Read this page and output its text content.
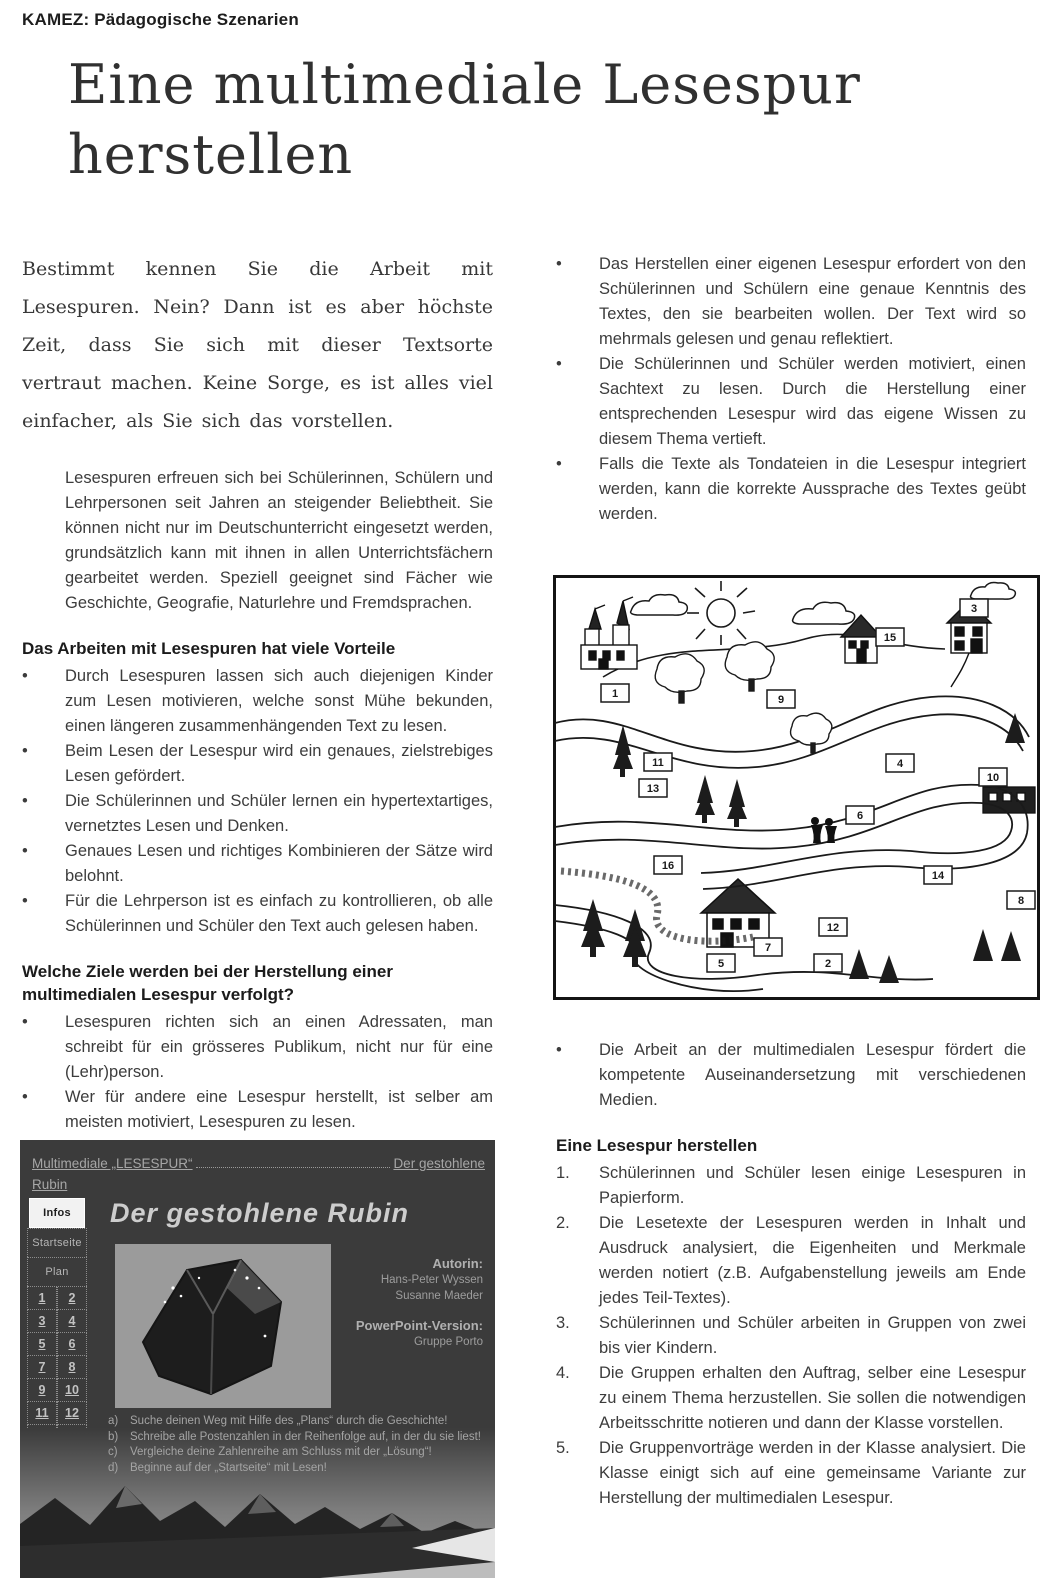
KAMEZ: Pädagogische Szenarien
Eine multimediale Lesespur
herstellen
Bestimmt kennen Sie die Arbeit mit Lesespuren. Nein? Dann ist es aber höchste Zeit, dass Sie sich mit dieser Textsorte vertraut machen. Keine Sorge, es ist alles viel einfacher, als Sie sich das vorstellen.
Lesespuren erfreuen sich bei Schülerinnen, Schülern und Lehrpersonen seit Jahren an steigender Beliebtheit. Sie können nicht nur im Deutschunterricht eingesetzt werden, grundsätzlich kann mit ihnen in allen Unterrichtsfächern gearbeitet werden. Speziell geeignet sind Fächer wie Geschichte, Geografie, Naturlehre und Fremdsprachen.
Das Arbeiten mit Lesespuren hat viele Vorteile
•	Durch Lesespuren lassen sich auch diejenigen Kinder zum Lesen motivieren, welche sonst Mühe bekunden, einen längeren zusammenhängenden Text zu lesen.
•	Beim Lesen der Lesespur wird ein genaues, zielstrebiges Lesen gefördert.
•	Die Schülerinnen und Schüler lernen ein hypertextartiges, vernetztes Lesen und Denken.
•	Genaues Lesen und richtiges Kombinieren der Sätze wird belohnt.
•	Für die Lehrperson ist es einfach zu kontrollieren, ob alle Schülerinnen und Schüler den Text auch gelesen haben.
Welche Ziele werden bei der Herstellung einer multimedialen Lesespur verfolgt?
•	Lesespuren richten sich an einen Adressaten, man schreibt für ein grösseres Publikum, nicht nur für eine (Lehr)person.
•	Wer für andere eine Lesespur herstellt, ist selber am meisten motiviert, Lesespuren zu lesen.
•	Das Herstellen einer eigenen Lesespur erfordert von den Schülerinnen und Schülern eine genaue Kenntnis des Textes, den sie bearbeiten wollen. Der Text wird so mehrmals gelesen und genau reflektiert.
•	Die Schülerinnen und Schüler werden motiviert, einen Sachtext zu lesen. Durch die Herstellung einer entsprechenden Lesespur wird das eigene Wissen zu diesem Thema vertieft.
•	Falls die Texte als Tondateien in die Lesespur integriert werden, kann die korrekte Aussprache des Textes geübt werden.
1	9
15
3
11	4
10
13
6
16
14
8
12
7
5	2
•	Die Arbeit an der multimedialen Lesespur fördert die kompetente Auseinandersetzung mit verschiedenen Medien.
Eine Lesespur herstellen
1.	Schülerinnen und Schüler lesen einige Lesespuren in Papierform.
2.	Die Lesetexte der Lesespuren werden in Inhalt und Ausdruck analysiert, die Eigenheiten und Merkmale werden notiert (z.B. Aufgabenstellung jeweils am Ende jedes Teil-Textes).
3.	Schülerinnen und Schüler arbeiten in Gruppen von zwei bis vier Kindern.
4.	Die Gruppen erhalten den Auftrag, selber eine Lesespur zu einem Thema herzustellen. Sie sollen die notwendigen Arbeitsschritte notieren und dann der Klasse vorstellen.
5.	Die Gruppenvorträge werden in der Klasse analysiert. Die Klasse einigt sich auf eine gemeinsame Variante zur Herstellung der multimedialen Lesespur.
Multimediale „LESESPUR“	Der gestohlene
Rubin
Infos
Startseite
Plan
1	2
3	4
5	6
7	8
9	10
11	12
Der gestohlene Rubin
Autorin:
Hans-Peter Wyssen
Susanne Maeder
PowerPoint-Version:
Gruppe Porto
a)	Suche deinen Weg mit Hilfe des „Plans“ durch die Geschichte!
b)	Schreibe alle Postenzahlen in der Reihenfolge auf, in der du sie liest!
c)	Vergleiche deine Zahlenreihe am Schluss mit der „Lösung“!
d)	Beginne auf der „Startseite“ mit Lesen!
